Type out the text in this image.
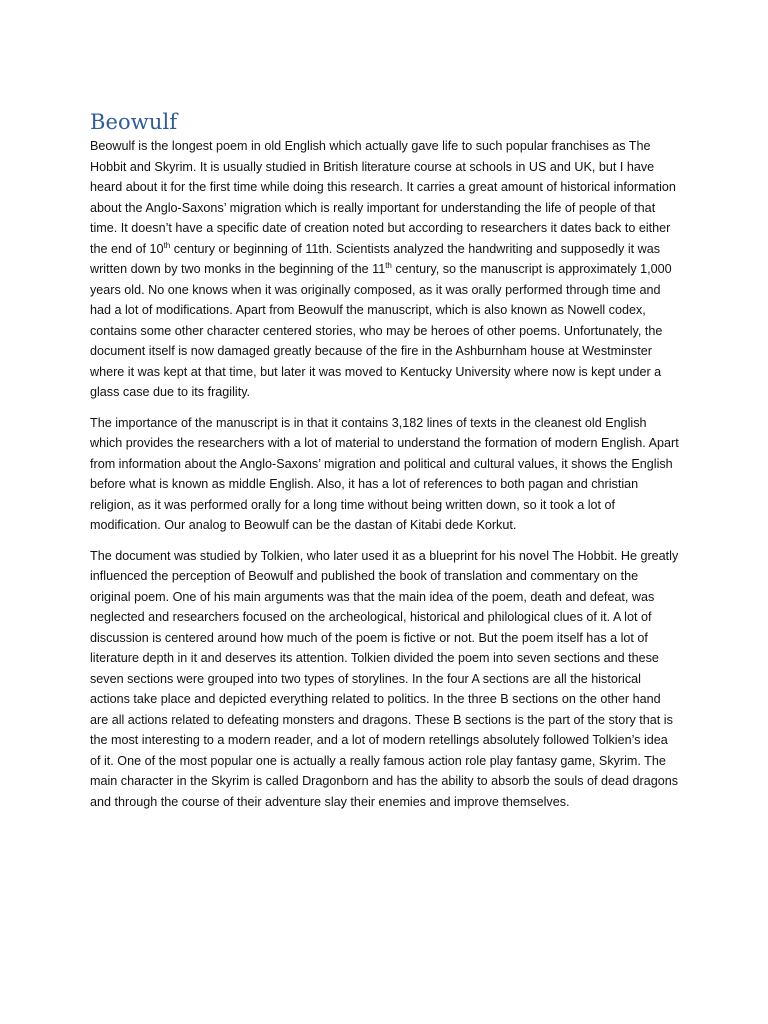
Beowulf

Beowulf is the longest poem in old English which actually gave life to such popular franchises as The Hobbit and Skyrim. It is usually studied in British literature course at schools in US and UK, but I have heard about it for the first time while doing this research. It carries a great amount of historical information about the Anglo-Saxons’ migration which is really important for understanding the life of people of that time. It doesn’t have a specific date of creation noted but according to researchers it dates back to either the end of 10th century or beginning of 11th. Scientists analyzed the handwriting and supposedly it was written down by two monks in the beginning of the 11th century, so the manuscript is approximately 1,000 years old. No one knows when it was originally composed, as it was orally performed through time and had a lot of modifications. Apart from Beowulf the manuscript, which is also known as Nowell codex, contains some other character centered stories, who may be heroes of other poems. Unfortunately, the document itself is now damaged greatly because of the fire in the Ashburnham house at Westminster where it was kept at that time, but later it was moved to Kentucky University where now is kept under a glass case due to its fragility.

The importance of the manuscript is in that it contains 3,182 lines of texts in the cleanest old English which provides the researchers with a lot of material to understand the formation of modern English. Apart from information about the Anglo-Saxons’ migration and political and cultural values, it shows the English before what is known as middle English. Also, it has a lot of references to both pagan and christian religion, as it was performed orally for a long time without being written down, so it took a lot of modification. Our analog to Beowulf can be the dastan of Kitabi dede Korkut.

The document was studied by Tolkien, who later used it as a blueprint for his novel The Hobbit. He greatly influenced the perception of Beowulf and published the book of translation and commentary on the original poem. One of his main arguments was that the main idea of the poem, death and defeat, was neglected and researchers focused on the archeological, historical and philological clues of it. A lot of discussion is centered around how much of the poem is fictive or not. But the poem itself has a lot of literature depth in it and deserves its attention. Tolkien divided the poem into seven sections and these seven sections were grouped into two types of storylines. In the four A sections are all the historical actions take place and depicted everything related to politics. In the three B sections on the other hand are all actions related to defeating monsters and dragons. These B sections is the part of the story that is the most interesting to a modern reader, and a lot of modern retellings absolutely followed Tolkien’s idea of it. One of the most popular one is actually a really famous action role play fantasy game, Skyrim. The main character in the Skyrim is called Dragonborn and has the ability to absorb the souls of dead dragons and through the course of their adventure slay their enemies and improve themselves.
